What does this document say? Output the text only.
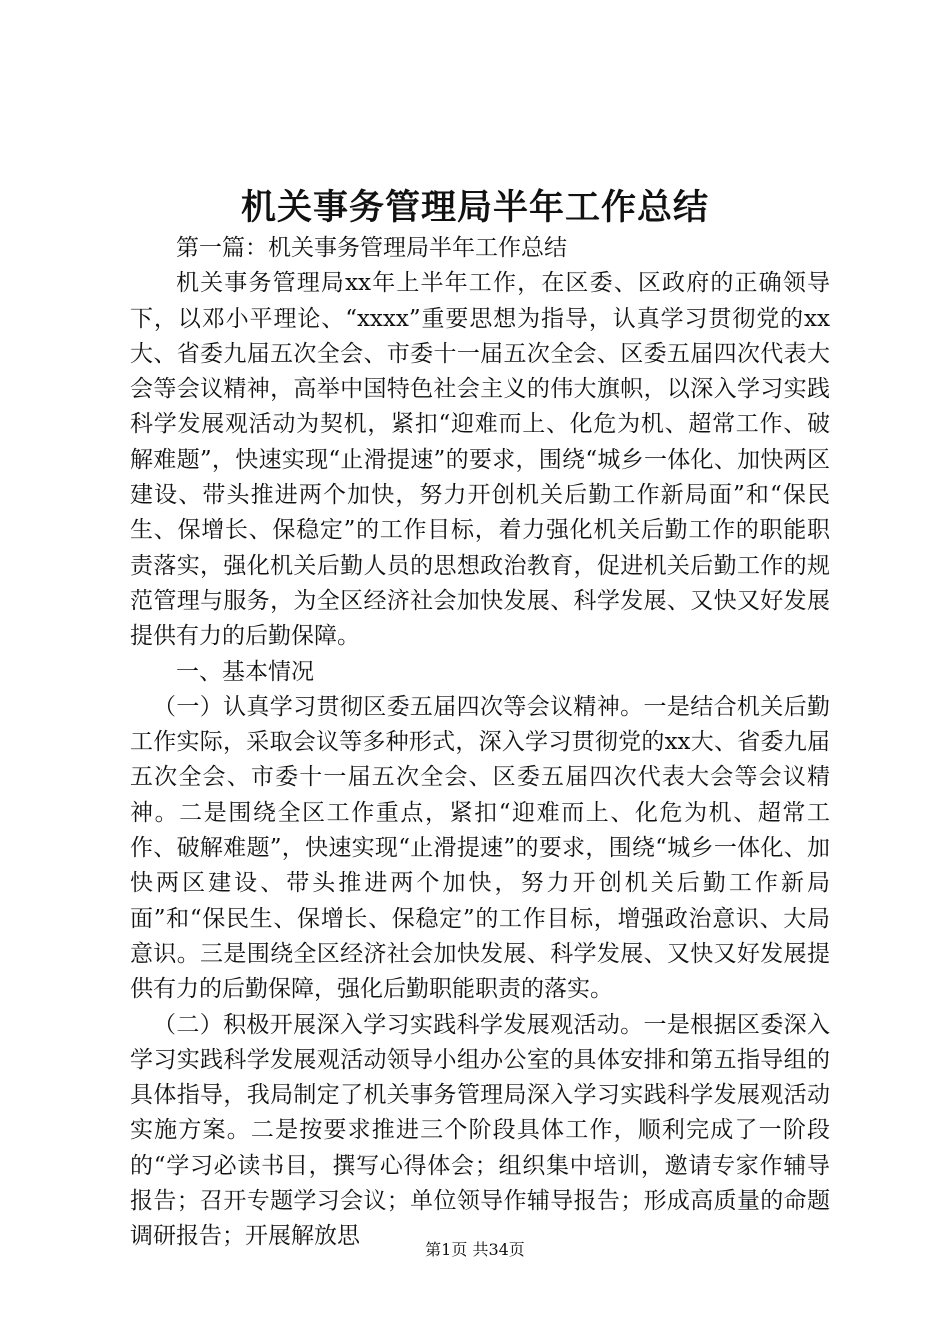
机关事务管理局半年工作总结

第一篇：机关事务管理局半年工作总结

机关事务管理局xx年上半年工作，在区委、区政府的正确领导下，以邓小平理论、“xxxx”重要思想为指导，认真学习贯彻党的xx大、省委九届五次全会、市委十一届五次全会、区委五届四次代表大会等会议精神，高举中国特色社会主义的伟大旗帜，以深入学习实践科学发展观活动为契机，紧扣“迎难而上、化危为机、超常工作、破解难题”，快速实现“止滑提速”的要求，围绕“城乡一体化、加快两区建设、带头推进两个加快，努力开创机关后勤工作新局面”和“保民生、保增长、保稳定”的工作目标，着力强化机关后勤工作的职能职责落实，强化机关后勤人员的思想政治教育，促进机关后勤工作的规范管理与服务，为全区经济社会加快发展、科学发展、又快又好发展提供有力的后勤保障。

一、基本情况

（一）认真学习贯彻区委五届四次等会议精神。一是结合机关后勤工作实际，采取会议等多种形式，深入学习贯彻党的xx大、省委九届五次全会、市委十一届五次全会、区委五届四次代表大会等会议精神。二是围绕全区工作重点，紧扣“迎难而上、化危为机、超常工作、破解难题”，快速实现“止滑提速”的要求，围绕“城乡一体化、加快两区建设、带头推进两个加快，努力开创机关后勤工作新局面”和“保民生、保增长、保稳定”的工作目标，增强政治意识、大局意识。三是围绕全区经济社会加快发展、科学发展、又快又好发展提供有力的后勤保障，强化后勤职能职责的落实。

（二）积极开展深入学习实践科学发展观活动。一是根据区委深入学习实践科学发展观活动领导小组办公室的具体安排和第五指导组的具体指导，我局制定了机关事务管理局深入学习实践科学发展观活动实施方案。二是按要求推进三个阶段具体工作，顺利完成了一阶段的“学习必读书目，撰写心得体会；组织集中培训，邀请专家作辅导报告；召开专题学习会议；单位领导作辅导报告；形成高质量的命题调研报告；开展解放思

第1页 共34页
